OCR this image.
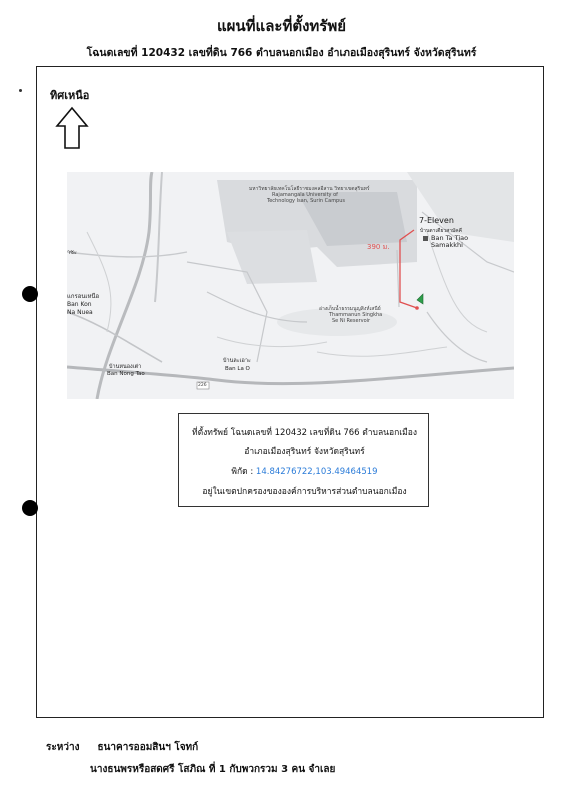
แผนที่และที่ตั้งทรัพย์
โฉนดเลขที่ 120432 เลขที่ดิน 766 ตำบลนอกเมือง อำเภอเมืองสุรินทร์ จังหวัดสุรินทร์
ทิศเหนือ
มหาวิทยาลัยเทคโนโลยีราชมงคลอีสาน วิทยาเขตสุรินทร์
Rajamangala University of
Technology Isan, Surin Campus
7-Eleven
บ้านตาเตียวสามัคคี
Ban Ta Tiao
Samakkhi
390 ม.
อ่างเก็บน้ำธรรมนูญสิงห์เสนีย์
Thammanun Singkha
Se Ni Reservoir
าชะ
แกรอนเหนือ
Ban Kon
Na Nuea
บ้านหนองเต่า
Ban Nong Tao
บ้านละเอาะ
Ban La O
226
ที่ตั้งทรัพย์ โฉนดเลขที่ 120432 เลขที่ดิน 766 ตำบลนอกเมือง
อำเภอเมืองสุรินทร์ จังหวัดสุรินทร์
พิกัด : 14.84276722,103.49464519
อยู่ในเขตปกครองขององค์การบริหารส่วนตำบลนอกเมือง
ระหว่าง ธนาคารออมสินฯ โจทก์
นางธนพรหรือสดศรี โสภิณ ที่ 1 กับพวกรวม 3 คน จำเลย
